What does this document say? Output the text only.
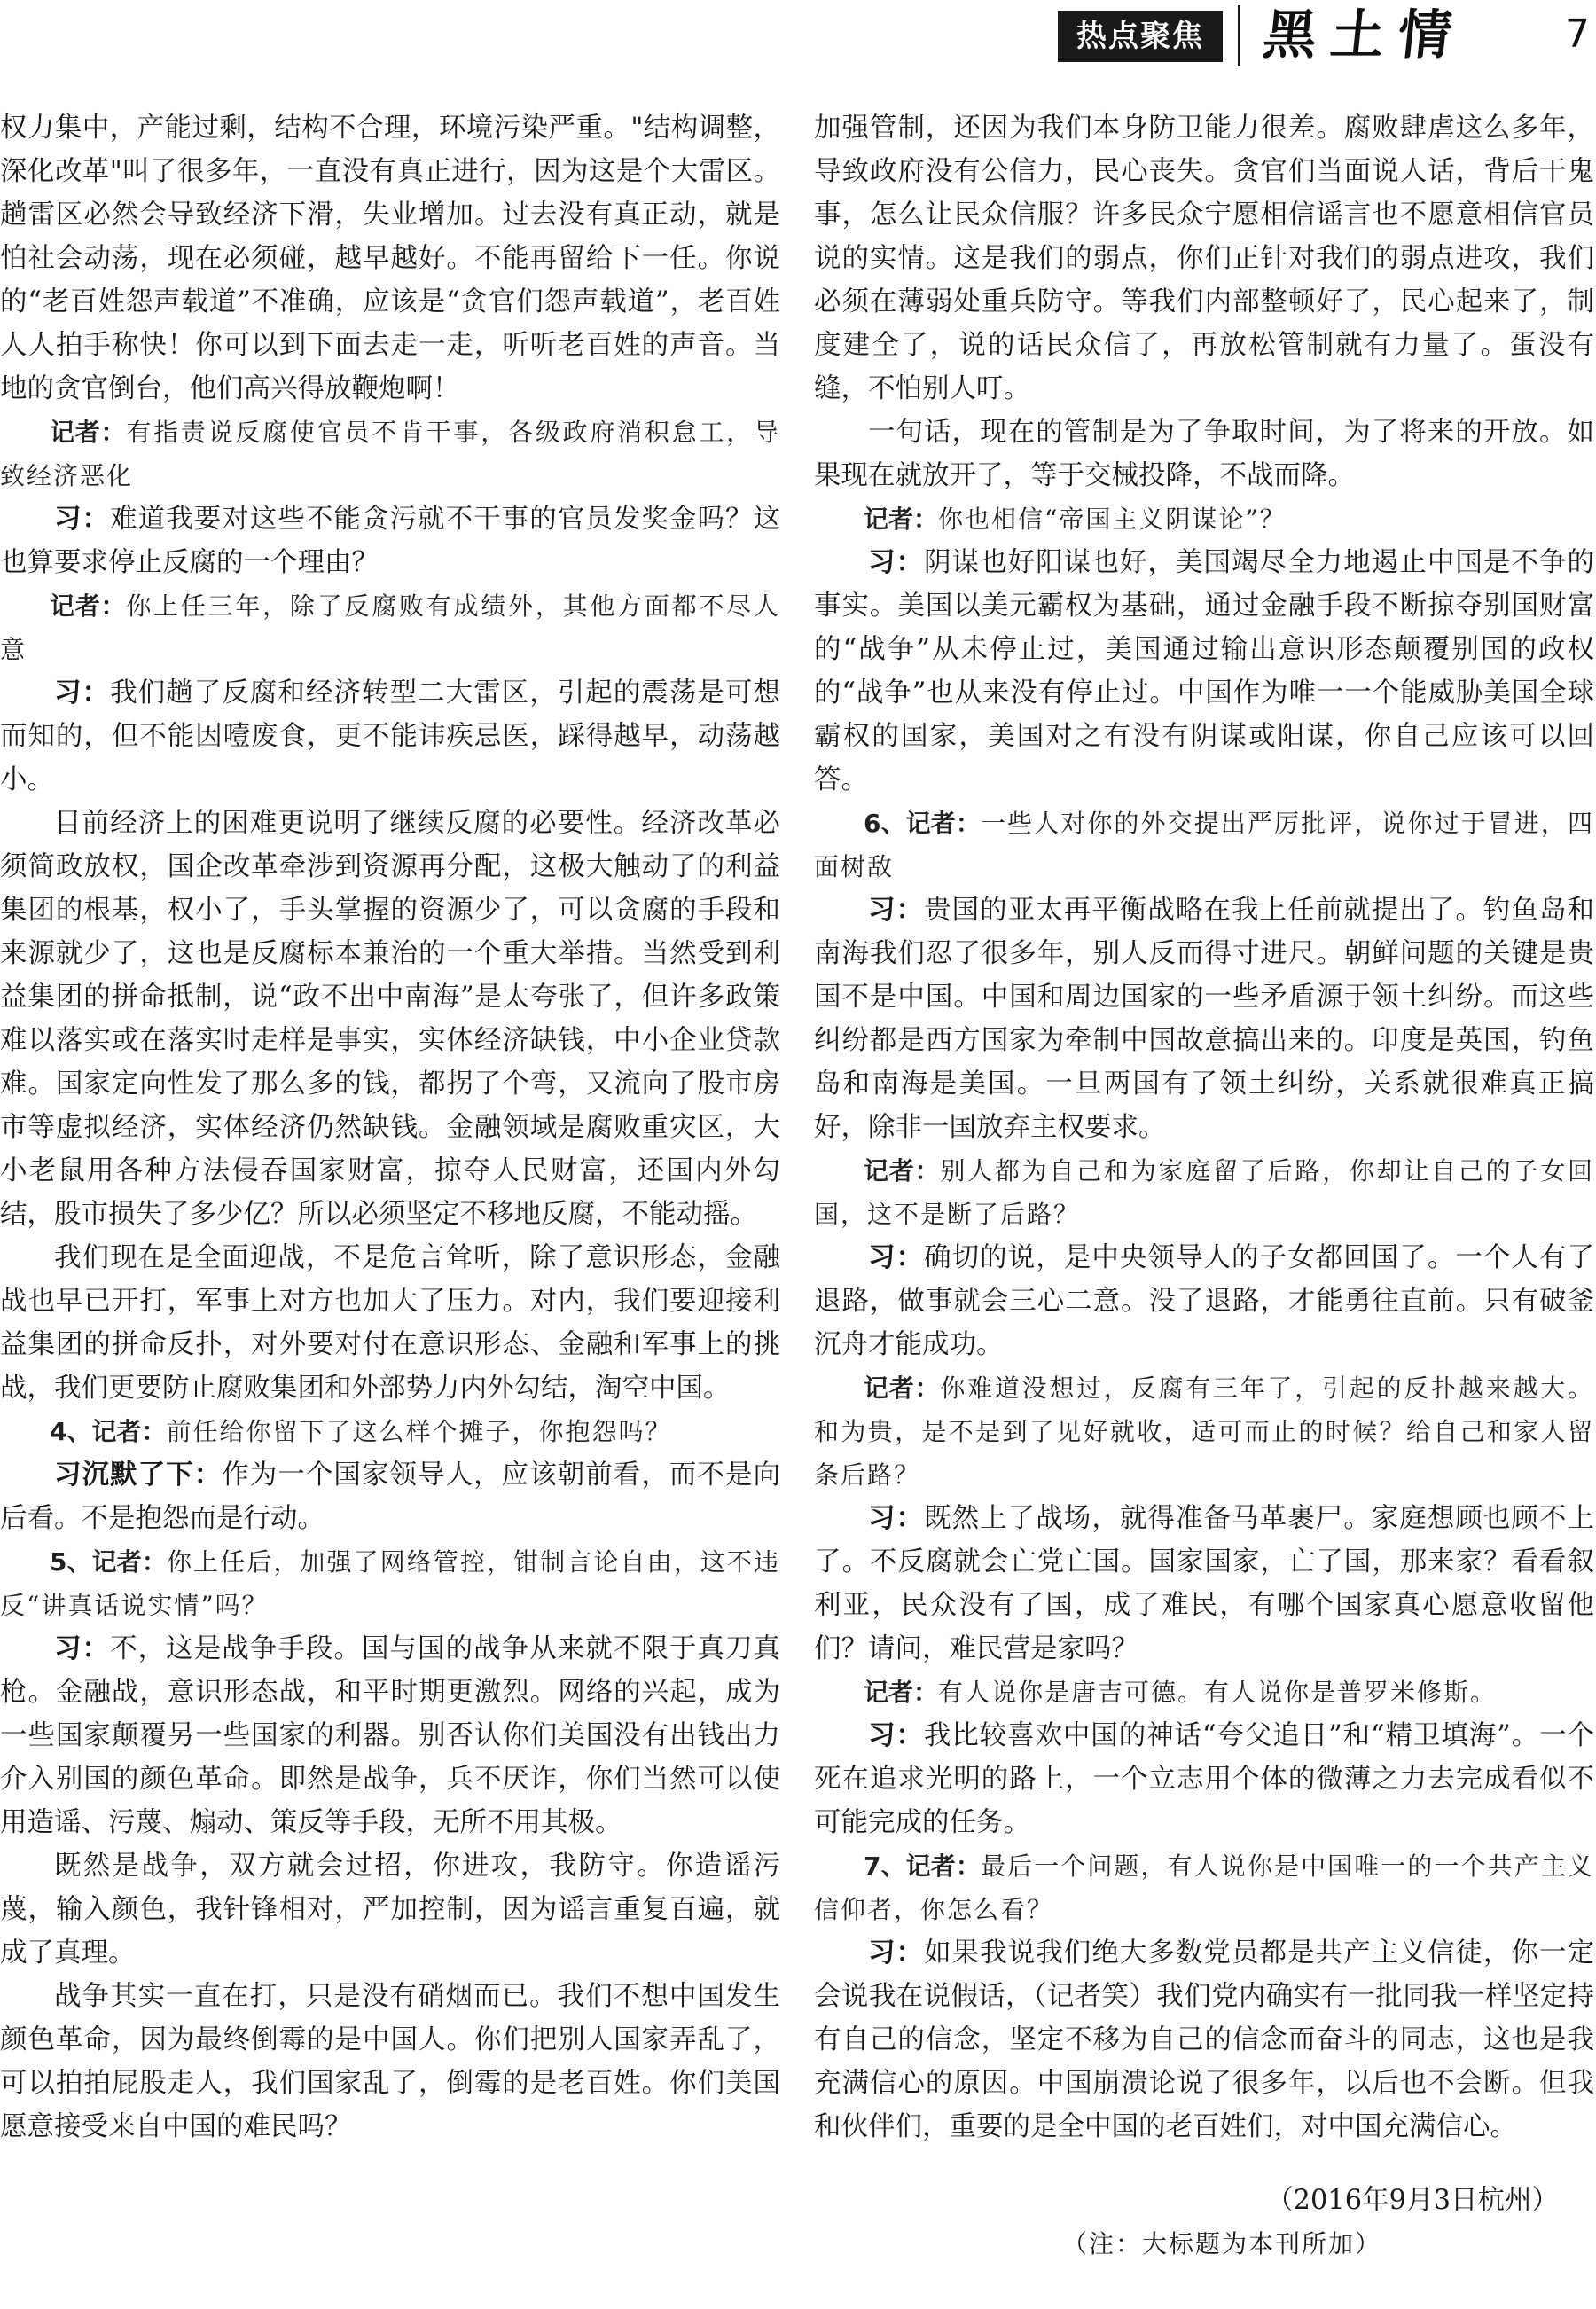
热点聚焦	黑土情	7

权力集中，产能过剩，结构不合理，环境污染严重。"结构调整，深化改革"叫了很多年，一直没有真正进行，因为这是个大雷区。趟雷区必然会导致经济下滑，失业增加。过去没有真正动，就是怕社会动荡，现在必须碰，越早越好。不能再留给下一任。你说的“老百姓怨声载道”不准确，应该是“贪官们怨声载道”，老百姓人人拍手称快！你可以到下面去走一走，听听老百姓的声音。当地的贪官倒台，他们高兴得放鞭炮啊！

记者：有指责说反腐使官员不肯干事，各级政府消积怠工，导致经济恶化

习：难道我要对这些不能贪污就不干事的官员发奖金吗？这也算要求停止反腐的一个理由？

记者：你上任三年，除了反腐败有成绩外，其他方面都不尽人意

习：我们趟了反腐和经济转型二大雷区，引起的震荡是可想而知的，但不能因噎废食，更不能讳疾忌医，踩得越早，动荡越小。

目前经济上的困难更说明了继续反腐的必要性。经济改革必须简政放权，国企改革牵涉到资源再分配，这极大触动了的利益集团的根基，权小了，手头掌握的资源少了，可以贪腐的手段和来源就少了，这也是反腐标本兼治的一个重大举措。当然受到利益集团的拼命抵制，说“政不出中南海”是太夸张了，但许多政策难以落实或在落实时走样是事实，实体经济缺钱，中小企业贷款难。国家定向性发了那么多的钱，都拐了个弯，又流向了股市房市等虚拟经济，实体经济仍然缺钱。金融领域是腐败重灾区，大小老鼠用各种方法侵吞国家财富，掠夺人民财富，还国内外勾结，股市损失了多少亿？所以必须坚定不移地反腐，不能动摇。

我们现在是全面迎战，不是危言耸听，除了意识形态，金融战也早已开打，军事上对方也加大了压力。对内，我们要迎接利益集团的拼命反扑，对外要对付在意识形态、金融和军事上的挑战，我们更要防止腐败集团和外部势力内外勾结，淘空中国。

4、记者：前任给你留下了这么样个摊子，你抱怨吗？

习沉默了下：作为一个国家领导人，应该朝前看，而不是向后看。不是抱怨而是行动。

5、记者：你上任后，加强了网络管控，钳制言论自由，这不违反“讲真话说实情”吗？

习：不，这是战争手段。国与国的战争从来就不限于真刀真枪。金融战，意识形态战，和平时期更激烈。网络的兴起，成为一些国家颠覆另一些国家的利器。别否认你们美国没有出钱出力介入别国的颜色革命。即然是战争，兵不厌诈，你们当然可以使用造谣、污蔑、煽动、策反等手段，无所不用其极。

既然是战争，双方就会过招，你进攻，我防守。你造谣污蔑，输入颜色，我针锋相对，严加控制，因为谣言重复百遍，就成了真理。

战争其实一直在打，只是没有硝烟而已。我们不想中国发生颜色革命，因为最终倒霉的是中国人。你们把别人国家弄乱了，可以拍拍屁股走人，我们国家乱了，倒霉的是老百姓。你们美国愿意接受来自中国的难民吗？

加强管制，还因为我们本身防卫能力很差。腐败肆虐这么多年，导致政府没有公信力，民心丧失。贪官们当面说人话，背后干鬼事，怎么让民众信服？许多民众宁愿相信谣言也不愿意相信官员说的实情。这是我们的弱点，你们正针对我们的弱点进攻，我们必须在薄弱处重兵防守。等我们内部整顿好了，民心起来了，制度建全了，说的话民众信了，再放松管制就有力量了。蛋没有缝，不怕别人叮。

一句话，现在的管制是为了争取时间，为了将来的开放。如果现在就放开了，等于交械投降，不战而降。

记者：你也相信“帝国主义阴谋论”？

习：阴谋也好阳谋也好，美国竭尽全力地遏止中国是不争的事实。美国以美元霸权为基础，通过金融手段不断掠夺别国财富的“战争”从未停止过，美国通过输出意识形态颠覆别国的政权的“战争”也从来没有停止过。中国作为唯一一个能威胁美国全球霸权的国家，美国对之有没有阴谋或阳谋，你自己应该可以回答。

6、记者：一些人对你的外交提出严厉批评，说你过于冒进，四面树敌

习：贵国的亚太再平衡战略在我上任前就提出了。钓鱼岛和南海我们忍了很多年，别人反而得寸进尺。朝鲜问题的关键是贵国不是中国。中国和周边国家的一些矛盾源于领土纠纷。而这些纠纷都是西方国家为牵制中国故意搞出来的。印度是英国，钓鱼岛和南海是美国。一旦两国有了领土纠纷，关系就很难真正搞好，除非一国放弃主权要求。

记者：别人都为自己和为家庭留了后路，你却让自己的子女回国，这不是断了后路？

习：确切的说，是中央领导人的子女都回国了。一个人有了退路，做事就会三心二意。没了退路，才能勇往直前。只有破釜沉舟才能成功。

记者：你难道没想过，反腐有三年了，引起的反扑越来越大。和为贵，是不是到了见好就收，适可而止的时候？给自己和家人留条后路？

习：既然上了战场，就得准备马革裹尸。家庭想顾也顾不上了。不反腐就会亡党亡国。国家国家，亡了国，那来家？看看叙利亚，民众没有了国，成了难民，有哪个国家真心愿意收留他们？请问，难民营是家吗？

记者：有人说你是唐吉可德。有人说你是普罗米修斯。

习：我比较喜欢中国的神话“夸父追日”和“精卫填海”。一个死在追求光明的路上，一个立志用个体的微薄之力去完成看似不可能完成的任务。

7、记者：最后一个问题，有人说你是中国唯一的一个共产主义信仰者，你怎么看？

习：如果我说我们绝大多数党员都是共产主义信徒，你一定会说我在说假话，（记者笑）我们党内确实有一批同我一样坚定持有自己的信念，坚定不移为自己的信念而奋斗的同志，这也是我充满信心的原因。中国崩溃论说了很多年，以后也不会断。但我和伙伴们，重要的是全中国的老百姓们，对中国充满信心。

（2016年9月3日杭州）

（注：大标题为本刊所加）
